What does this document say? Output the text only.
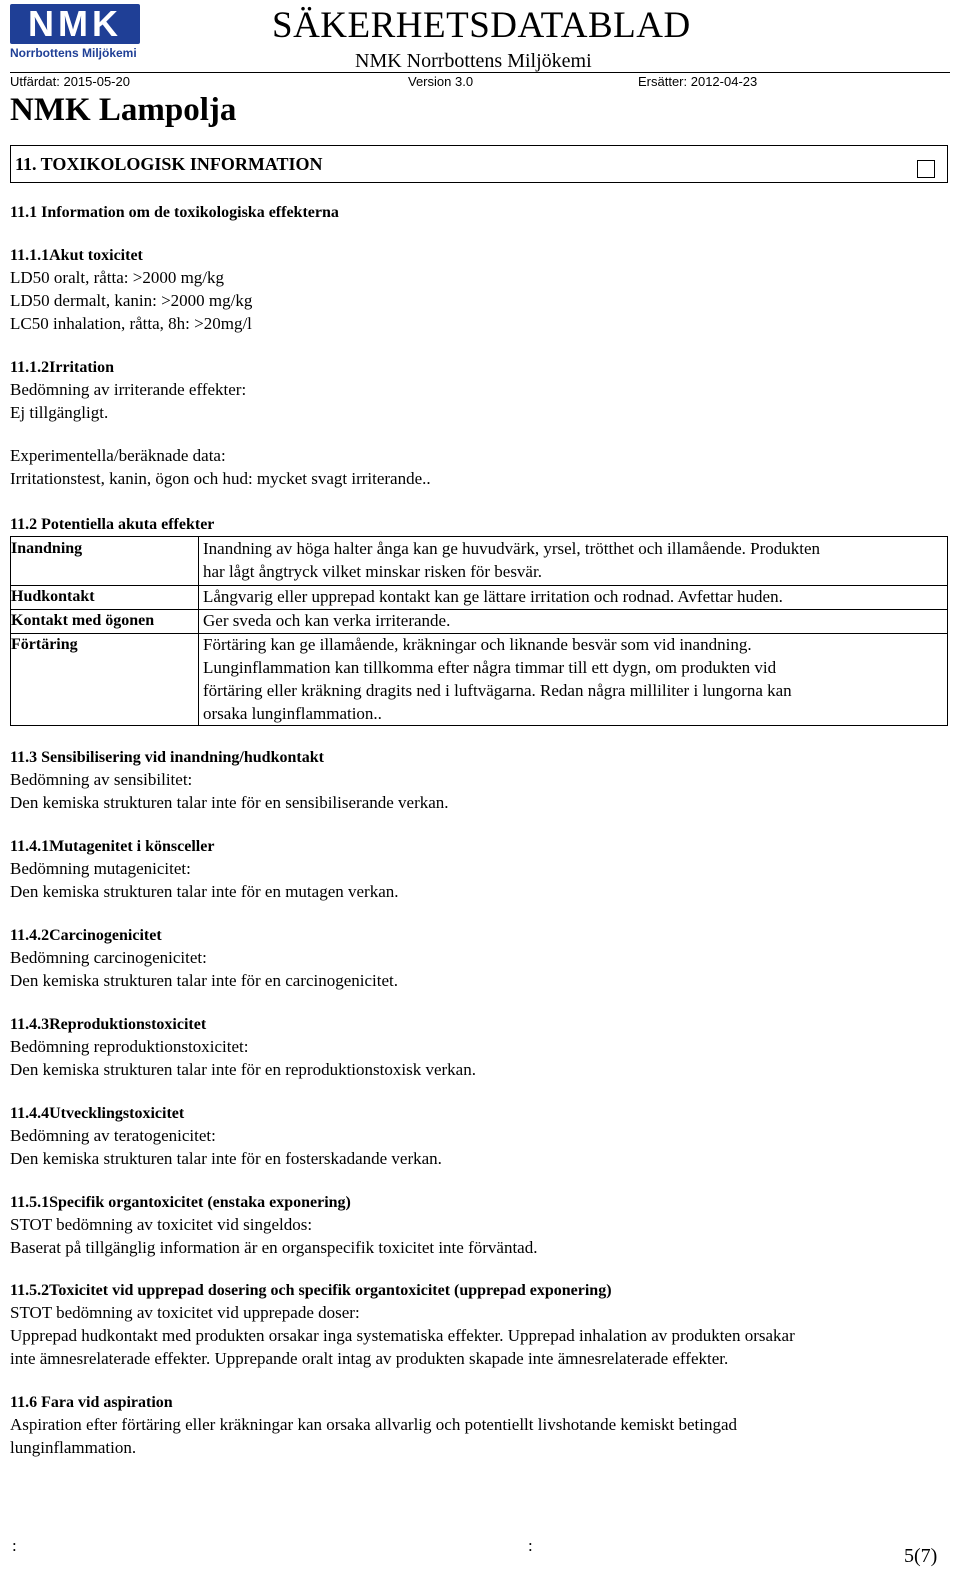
NMK
Norrbottens Miljökemi
SÄKERHETSDATABLAD
NMK Norrbottens Miljökemi
Utfärdat: 2015-05-20	Version 3.0	Ersätter: 2012-04-23
NMK Lampolja
11. TOXIKOLOGISK INFORMATION
11.1 Information om de toxikologiska effekterna
11.1.1Akut toxicitet
LD50 oralt, råtta: >2000 mg/kg
LD50 dermalt, kanin: >2000 mg/kg
LC50 inhalation, råtta, 8h: >20mg/l
11.1.2Irritation
Bedömning av irriterande effekter:
Ej tillgängligt.
Experimentella/beräknade data:
Irritationstest, kanin, ögon och hud: mycket svagt irriterande..
11.2 Potentiella akuta effekter
Inandning	Inandning av höga halter ånga kan ge huvudvärk, yrsel, trötthet och illamående. Produkten
har lågt ångtryck vilket minskar risken för besvär.
Hudkontakt	Långvarig eller upprepad kontakt kan ge lättare irritation och rodnad. Avfettar huden.
Kontakt med ögonen	Ger sveda och kan verka irriterande.
Förtäring	Förtäring kan ge illamående, kräkningar och liknande besvär som vid inandning.
Lunginflammation kan tillkomma efter några timmar till ett dygn, om produkten vid
förtäring eller kräkning dragits ned i luftvägarna. Redan några milliliter i lungorna kan
orsaka lunginflammation..
11.3 Sensibilisering vid inandning/hudkontakt
Bedömning av sensibilitet:
Den kemiska strukturen talar inte för en sensibiliserande verkan.
11.4.1Mutagenitet i könsceller
Bedömning mutagenicitet:
Den kemiska strukturen talar inte för en mutagen verkan.
11.4.2Carcinogenicitet
Bedömning carcinogenicitet:
Den kemiska strukturen talar inte för en carcinogenicitet.
11.4.3Reproduktionstoxicitet
Bedömning reproduktionstoxicitet:
Den kemiska strukturen talar inte för en reproduktionstoxisk verkan.
11.4.4Utvecklingstoxicitet
Bedömning av teratogenicitet:
Den kemiska strukturen talar inte för en fosterskadande verkan.
11.5.1Specifik organtoxicitet (enstaka exponering)
STOT bedömning av toxicitet vid singeldos:
Baserat på tillgänglig information är en organspecifik toxicitet inte förväntad.
11.5.2Toxicitet vid upprepad dosering och specifik organtoxicitet (upprepad exponering)
STOT bedömning av toxicitet vid upprepade doser:
Upprepad hudkontakt med produkten orsakar inga systematiska effekter. Upprepad inhalation av produkten orsakar
inte ämnesrelaterade effekter. Upprepande oralt intag av produkten skapade inte ämnesrelaterade effekter.
11.6 Fara vid aspiration
Aspiration efter förtäring eller kräkningar kan orsaka allvarlig och potentiellt livshotande kemiskt betingad
lunginflammation.
:	:	5(7)
